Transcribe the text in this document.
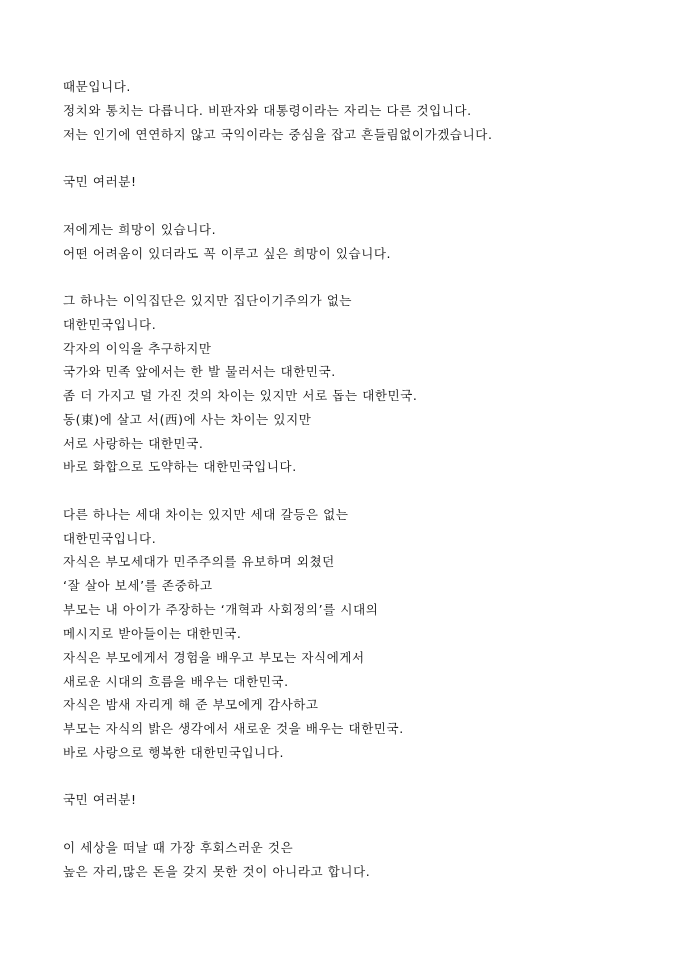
때문입니다.
정치와 통치는 다릅니다. 비판자와 대통령이라는 자리는 다른 것입니다.
저는 인기에 연연하지 않고 국익이라는 중심을 잡고 흔들림없이가겠습니다.
국민 여러분!
저에게는 희망이 있습니다.
어떤 어려움이 있더라도 꼭 이루고 싶은 희망이 있습니다.
그 하나는 이익집단은 있지만 집단이기주의가 없는
대한민국입니다.
각자의 이익을 추구하지만
국가와 민족 앞에서는 한 발 물러서는 대한민국.
좀 더 가지고 덜 가진 것의 차이는 있지만 서로 돕는 대한민국.
동(東)에 살고 서(西)에 사는 차이는 있지만
서로 사랑하는 대한민국.
바로 화합으로 도약하는 대한민국입니다.
다른 하나는 세대 차이는 있지만 세대 갈등은 없는
대한민국입니다.
자식은 부모세대가 민주주의를 유보하며 외쳤던
‘잘 살아 보세’를 존중하고
부모는 내 아이가 주장하는 ‘개혁과 사회정의’를 시대의
메시지로 받아들이는 대한민국.
자식은 부모에게서 경험을 배우고 부모는 자식에게서
새로운 시대의 흐름을 배우는 대한민국.
자식은 밤새 자리게 해 준 부모에게 감사하고
부모는 자식의 밝은 생각에서 새로운 것을 배우는 대한민국.
바로 사랑으로 행복한 대한민국입니다.
국민 여러분!
이 세상을 떠날 때 가장 후회스러운 것은
높은 자리,많은 돈을 갖지 못한 것이 아니라고 합니다.
